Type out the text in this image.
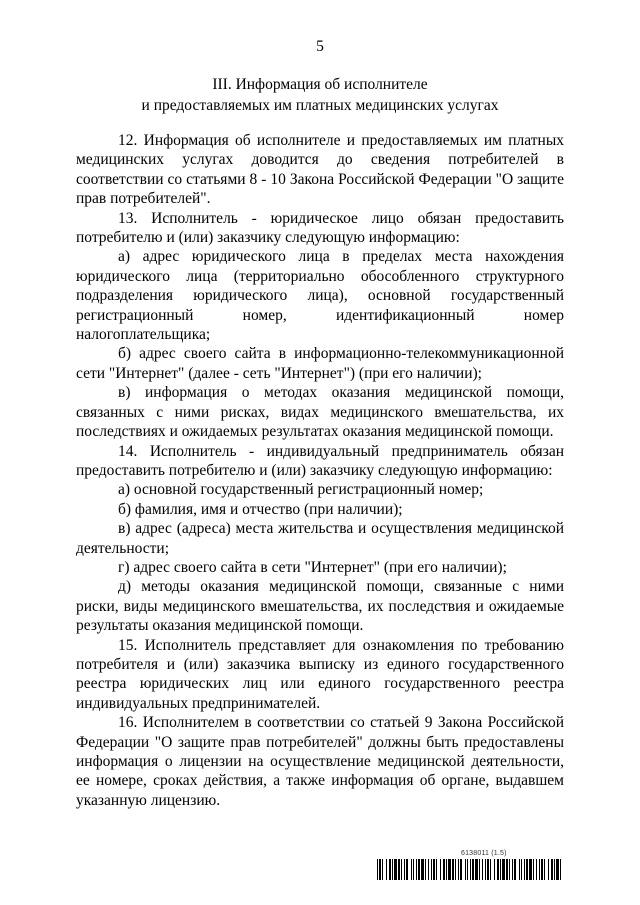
5
III. Информация об исполнителе
и предоставляемых им платных медицинских услугах

12. Информация об исполнителе и предоставляемых им платных медицинских услугах доводится до сведения потребителей в соответствии со статьями 8 - 10 Закона Российской Федерации "О защите прав потребителей".

13. Исполнитель - юридическое лицо обязан предоставить потребителю и (или) заказчику следующую информацию:

а) адрес юридического лица в пределах места нахождения юридического лица (территориально обособленного структурного подразделения юридического лица), основной государственный регистрационный номер, идентификационный номер налогоплательщика;

б) адрес своего сайта в информационно-телекоммуникационной сети "Интернет" (далее - сеть "Интернет") (при его наличии);

в) информация о методах оказания медицинской помощи, связанных с ними рисках, видах медицинского вмешательства, их последствиях и ожидаемых результатах оказания медицинской помощи.

14. Исполнитель - индивидуальный предприниматель обязан предоставить потребителю и (или) заказчику следующую информацию:

а) основной государственный регистрационный номер;

б) фамилия, имя и отчество (при наличии);

в) адрес (адреса) места жительства и осуществления медицинской деятельности;

г) адрес своего сайта в сети "Интернет" (при его наличии);

д) методы оказания медицинской помощи, связанные с ними риски, виды медицинского вмешательства, их последствия и ожидаемые результаты оказания медицинской помощи.

15. Исполнитель представляет для ознакомления по требованию потребителя и (или) заказчика выписку из единого государственного реестра юридических лиц или единого государственного реестра индивидуальных предпринимателей.

16. Исполнителем в соответствии со статьей 9 Закона Российской Федерации "О защите прав потребителей" должны быть предоставлены информация о лицензии на осуществление медицинской деятельности, ее номере, сроках действия, а также информация об органе, выдавшем указанную лицензию.

6138011 (1.5)
